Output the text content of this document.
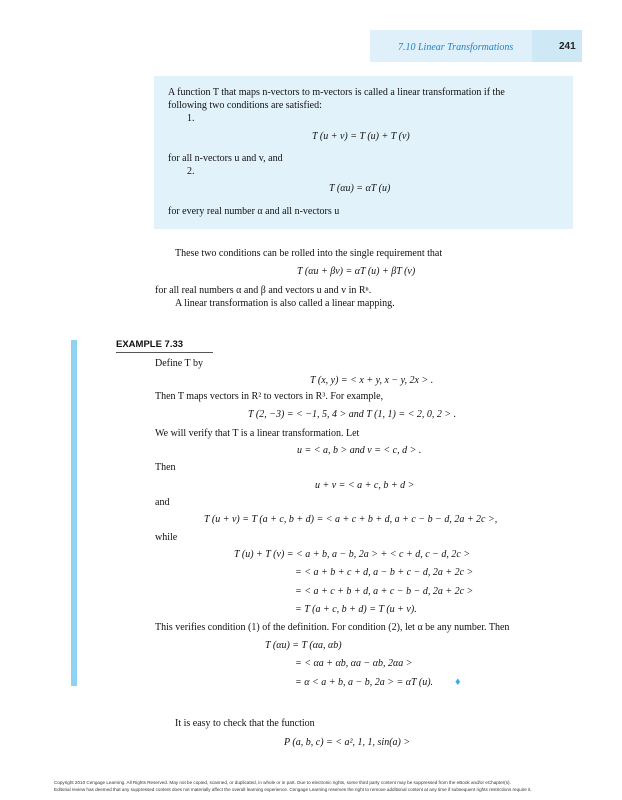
7.10 Linear Transformations	241
A function T that maps n-vectors to m-vectors is called a linear transformation if the
following two conditions are satisfied:
1.
T (u + v) = T (u) + T (v)
for all n-vectors u and v, and
2.
T (αu) = αT (u)
for every real number α and all n-vectors u
These two conditions can be rolled into the single requirement that
T (αu + βv) = αT (u) + βT (v)
for all real numbers α and β and vectors u and v in Rⁿ.
A linear transformation is also called a linear mapping.
EXAMPLE 7.33
Define T by
T (x, y) = < x + y, x − y, 2x > .
Then T maps vectors in R² to vectors in R³. For example,
T (2, −3) = < −1, 5, 4 > and T (1, 1) = < 2, 0, 2 > .
We will verify that T is a linear transformation. Let
u = < a, b > and v = < c, d > .
Then
u + v = < a + c, b + d >
and
T (u + v) = T (a + c, b + d) = < a + c + b + d, a + c − b − d, 2a + 2c >,
while
T (u) + T (v) = < a + b, a − b, 2a > + < c + d, c − d, 2c >
= < a + b + c + d, a − b + c − d, 2a + 2c >
= < a + c + b + d, a + c − b − d, 2a + 2c >
= T (a + c, b + d) = T (u + v).
This verifies condition (1) of the definition. For condition (2), let α be any number. Then
T (αu) = T (αa, αb)
= < αa + αb, αa − αb, 2αa >
= α < a + b, a − b, 2a > = αT (u). ♦
It is easy to check that the function
P (a, b, c) = < a², 1, 1, sin(a) >
Copyright 2010 Cengage Learning. All Rights Reserved. May not be copied, scanned, or duplicated, in whole or in part. Due to electronic rights, some third party content may be suppressed from the eBook and/or eChapter(s).
Editorial review has deemed that any suppressed content does not materially affect the overall learning experience. Cengage Learning reserves the right to remove additional content at any time if subsequent rights restrictions require it.
